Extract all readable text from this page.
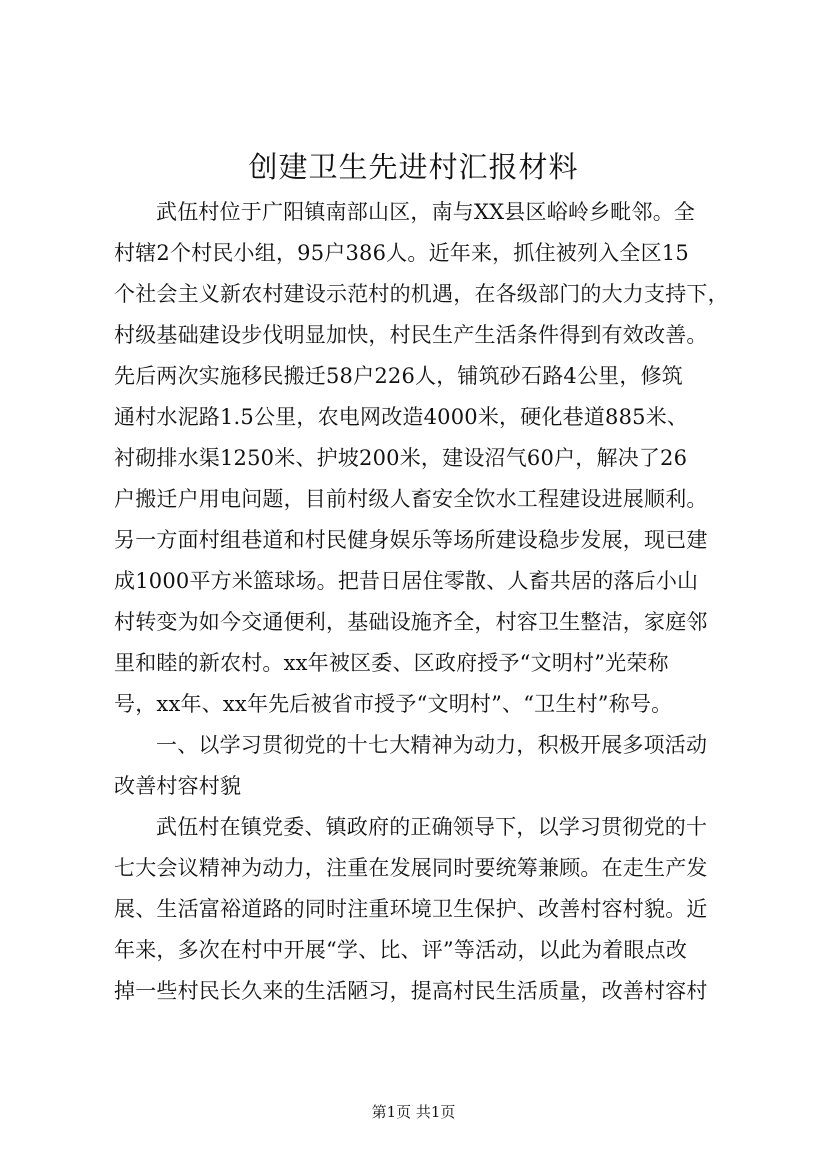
创建卫生先进村汇报材料
武伍村位于广阳镇南部山区，南与XX县区峪岭乡毗邻。全
村辖2个村民小组，95户386人。近年来，抓住被列入全区15
个社会主义新农村建设示范村的机遇，在各级部门的大力支持下，
村级基础建设步伐明显加快，村民生产生活条件得到有效改善。
先后两次实施移民搬迁58户226人，铺筑砂石路4公里，修筑
通村水泥路1.5公里，农电网改造4000米，硬化巷道885米、
衬砌排水渠1250米、护坡200米，建设沼气60户，解决了26
户搬迁户用电问题，目前村级人畜安全饮水工程建设进展顺利。
另一方面村组巷道和村民健身娱乐等场所建设稳步发展，现已建
成1000平方米篮球场。把昔日居住零散、人畜共居的落后小山
村转变为如今交通便利，基础设施齐全，村容卫生整洁，家庭邻
里和睦的新农村。xx年被区委、区政府授予“文明村”光荣称
号，xx年、xx年先后被省市授予“文明村”、“卫生村”称号。
一、以学习贯彻党的十七大精神为动力，积极开展多项活动
改善村容村貌
武伍村在镇党委、镇政府的正确领导下，以学习贯彻党的十
七大会议精神为动力，注重在发展同时要统筹兼顾。在走生产发
展、生活富裕道路的同时注重环境卫生保护、改善村容村貌。近
年来，多次在村中开展“学、比、评”等活动，以此为着眼点改
掉一些村民长久来的生活陋习，提高村民生活质量，改善村容村
第1页 共1页
